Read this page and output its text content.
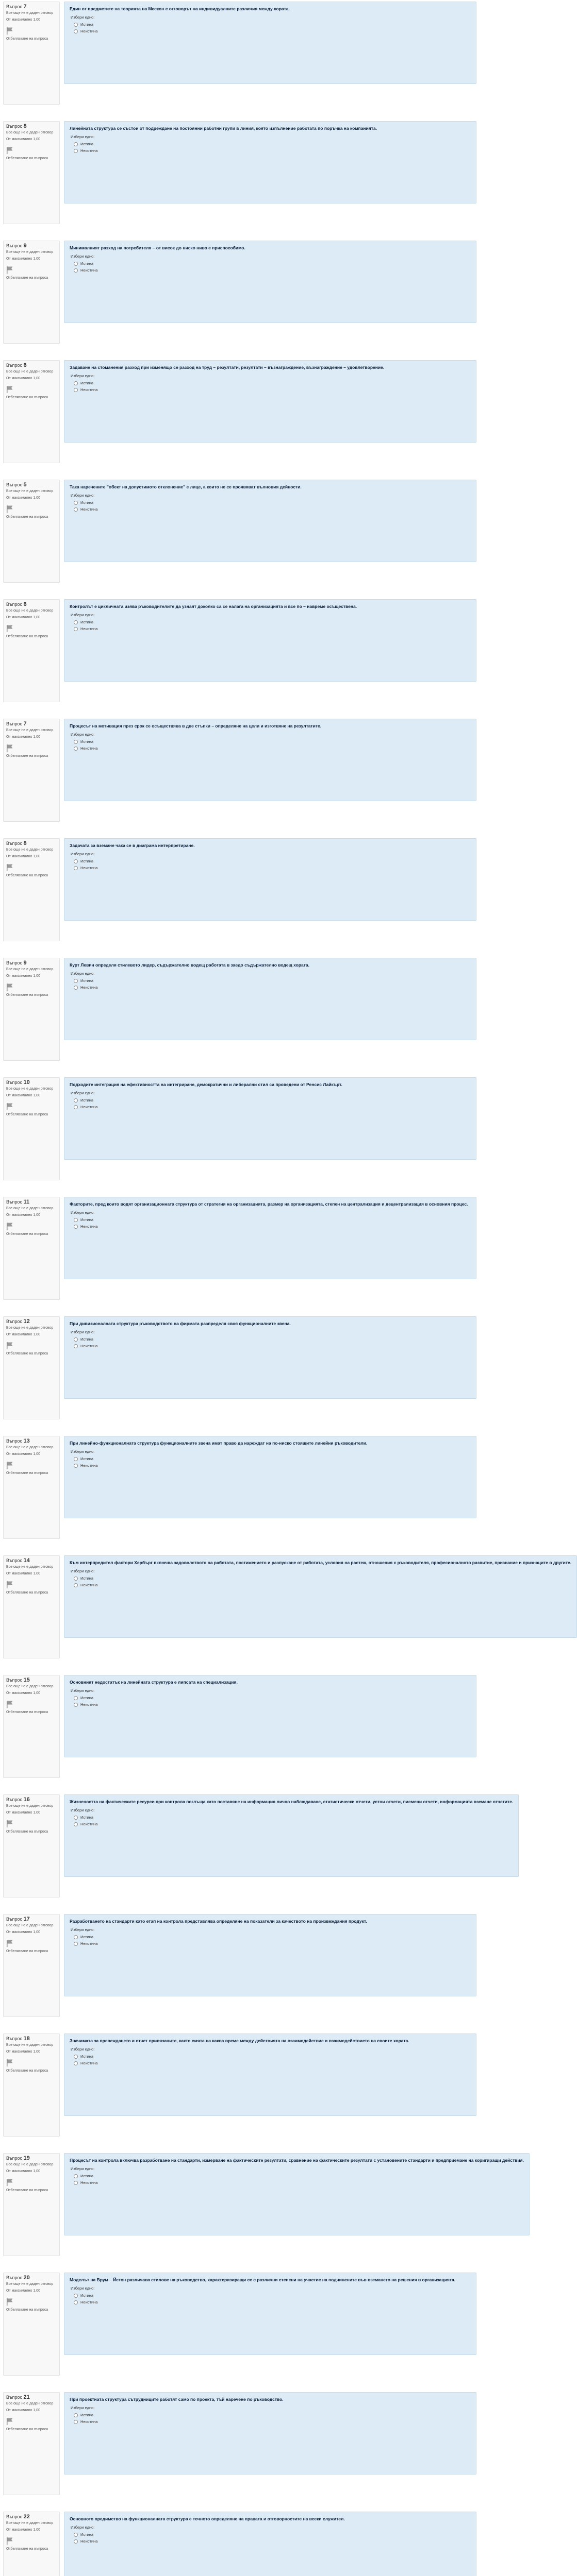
Въпрос 7
Все още не е даден отговор
От максимално 1,00
Отбелязване на въпроса
Един от предметите на теорията на Мескон е отговорът на индивидуалните различия между хората.
Избери едно:
Истина
Неистина
Въпрос 8
Все още не е даден отговор
От максимално 1,00
Отбелязване на въпроса
Линейната структура се състои от подреждане на постоянни работни групи в линия, която изпълнение работата по поръчка на компанията.
Избери едно:
Истина
Неистина
Въпрос 9
Все още не е даден отговор
От максимално 1,00
Отбелязване на въпроса
Минималният разход на потребителя – от висок до ниско ниво е приспособимо.
Избери едно:
Истина
Неистина
Въпрос 6
Все още не е даден отговор
От максимално 1,00
Отбелязване на въпроса
Задаване на стоманения разход при изменящо се разход на труд – резултати, резултати – възнаграждение, възнаграждение – удовлетворение.
Избери едно:
Истина
Неистина
Въпрос 5
Все още не е даден отговор
От максимално 1,00
Отбелязване на въпроса
Така наречените "обект на допустимото отклонение" е лице, а които не се проявяват вълновия дейности.
Избери едно:
Истина
Неистина
Въпрос 6
Все още не е даден отговор
От максимално 1,00
Отбелязване на въпроса
Контролът е цикличната изява ръководителите да узнаят доколко са се налага на организацията и все по – навреме осъществена.
Избери едно:
Истина
Неистина
Въпрос 7
Все още не е даден отговор
От максимално 1,00
Отбелязване на въпроса
Процесът на мотивация през срок се осъществява в две стъпки – определяне на цели и изготвяне на резултатите.
Избери едно:
Истина
Неистина
Въпрос 8
Все още не е даден отговор
От максимално 1,00
Отбелязване на въпроса
Задачата за вземане чака се в диаграма интерпретиране.
Избери едно:
Истина
Неистина
Въпрос 9
Все още не е даден отговор
От максимално 1,00
Отбелязване на въпроса
Курт Левин определя стилевото лидер, съдържателно водещ работата в заедо съдържателно водещ хората.
Избери едно:
Истина
Неистина
Въпрос 10
Все още не е даден отговор
От максимално 1,00
Отбелязване на въпроса
Подходите интеграция на ефективността на интегриране, демократични и либерални стил са проведени от Ренсис Лайкърт.
Избери едно:
Истина
Неистина
Въпрос 11
Все още не е даден отговор
От максимално 1,00
Отбелязване на въпроса
Факторите, пред които водят организационната структура от стратегия на организацията, размер на организацията, степен на централизация и децентрализация в основния процес.
Избери едно:
Истина
Неистина
Въпрос 12
Все още не е даден отговор
От максимално 1,00
Отбелязване на въпроса
При дивизионалната структура ръководството на фирмата разпределя своя функционалните звена.
Избери едно:
Истина
Неистина
Въпрос 13
Все още не е даден отговор
От максимално 1,00
Отбелязване на въпроса
При линейно-функционалната структура функционалните звена имат право да нареждат на по-ниско стоящите линейни ръководители.
Избери едно:
Истина
Неистина
Въпрос 14
Все още не е даден отговор
От максимално 1,00
Отбелязване на въпроса
Към интерпредител фактори Хербърг включва задоволството на работата, постижението и разпускане от работата, условия на растеж, отношения с ръководителя, професионалното развитие, признание и признаците в другите.
Избери едно:
Истина
Неистина
Въпрос 15
Все още не е даден отговор
От максимално 1,00
Отбелязване на въпроса
Основният недостатък на линейната структура е липсата на специализация.
Избери едно:
Истина
Неистина
Въпрос 16
Все още не е даден отговор
От максимално 1,00
Отбелязване на въпроса
Жизнеността на фактическите ресурси при контрола поглъща като поставяне на информация лично наблюдаване, статистически отчети, устни отчети, писмени отчети, информацията вземане отчетите.
Избери едно:
Истина
Неистина
Въпрос 17
Все още не е даден отговор
От максимално 1,00
Отбелязване на въпроса
Разработването на стандарти като етап на контрола представлява определяне на показатели за качеството на произвеждания продукт.
Избери едно:
Истина
Неистина
Въпрос 18
Все още не е даден отговор
От максимално 1,00
Отбелязване на въпроса
Значимата за превеждането и отчет привязаните, както смята на каква време между действията на взаимодействие и взаимодействието на своите хората.
Избери едно:
Истина
Неистина
Въпрос 19
Все още не е даден отговор
От максимално 1,00
Отбелязване на въпроса
Процесът на контрола включва разработване на стандарти, измерване на фактическите резултати, сравнение на фактическите резултати с установените стандарти и предприемане на коригиращи действия.
Избери едно:
Истина
Неистина
Въпрос 20
Все още не е даден отговор
От максимално 1,00
Отбелязване на въпроса
Моделът на Врум – Йетон различава стилове на ръководство, характеризиращи се с различни степени на участие на подчинените във вземането на решения в организацията.
Избери едно:
Истина
Неистина
Въпрос 21
Все още не е даден отговор
От максимално 1,00
Отбелязване на въпроса
При проектната структура сътрудниците работят само по проекта, тъй наречене по ръководство.
Избери едно:
Истина
Неистина
Въпрос 22
Все още не е даден отговор
От максимално 1,00
Отбелязване на въпроса
Основното предимство на функционалната структура е точното определяне на правата и отговорностите на всеки служител.
Избери едно:
Истина
Неистина
